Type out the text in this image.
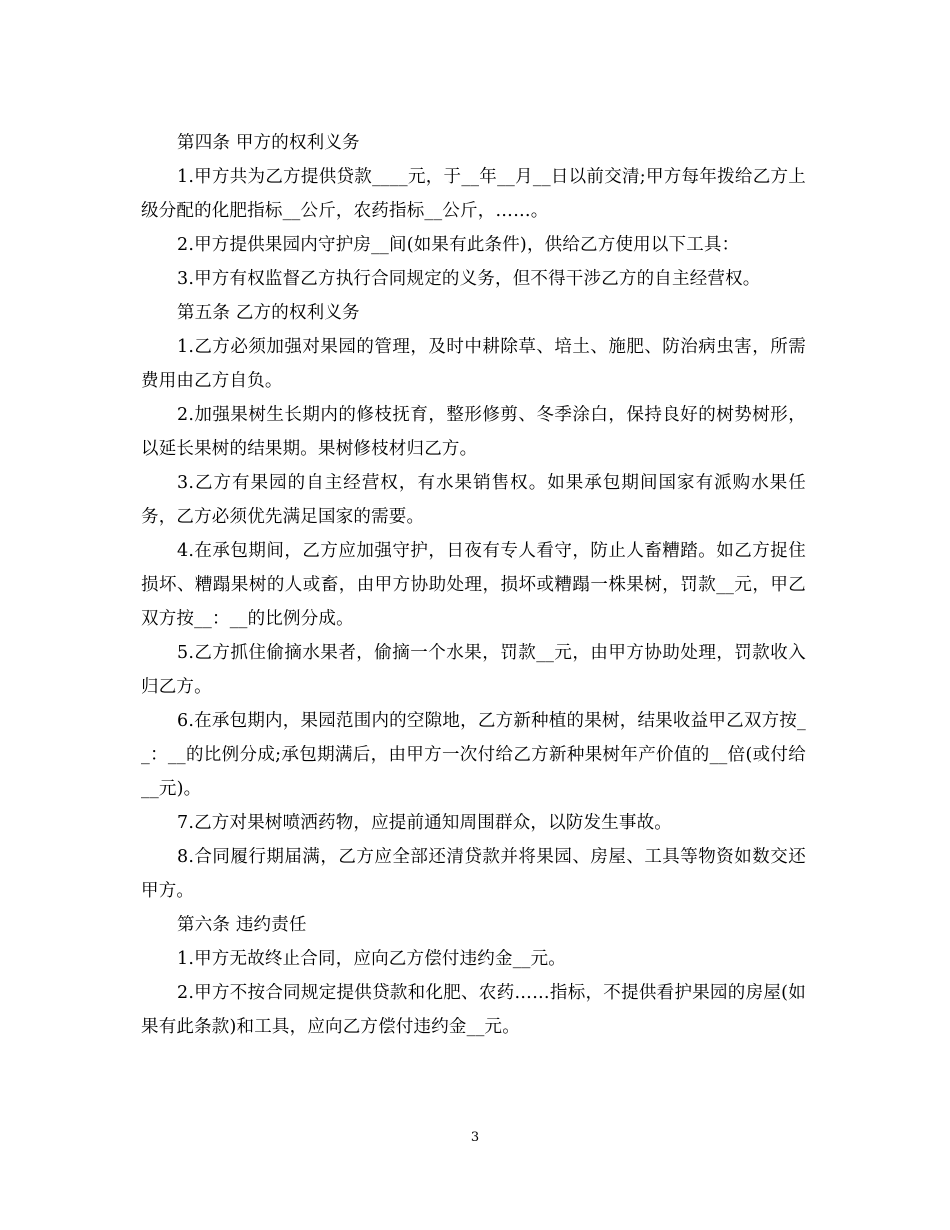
第四条 甲方的权利义务

1.甲方共为乙方提供贷款____元，于__年__月__日以前交清;甲方每年拨给乙方上级分配的化肥指标__公斤，农药指标__公斤，……。

2.甲方提供果园内守护房__间(如果有此条件)，供给乙方使用以下工具：

3.甲方有权监督乙方执行合同规定的义务，但不得干涉乙方的自主经营权。

第五条 乙方的权利义务

1.乙方必须加强对果园的管理，及时中耕除草、培土、施肥、防治病虫害，所需费用由乙方自负。

2.加强果树生长期内的修枝抚育，整形修剪、冬季涂白，保持良好的树势树形，以延长果树的结果期。果树修枝材归乙方。

3.乙方有果园的自主经营权，有水果销售权。如果承包期间国家有派购水果任务，乙方必须优先满足国家的需要。

4.在承包期间，乙方应加强守护，日夜有专人看守，防止人畜糟踏。如乙方捉住损坏、糟蹋果树的人或畜，由甲方协助处理，损坏或糟蹋一株果树，罚款__元，甲乙双方按__：__的比例分成。

5.乙方抓住偷摘水果者，偷摘一个水果，罚款__元，由甲方协助处理，罚款收入归乙方。

6.在承包期内，果园范围内的空隙地，乙方新种植的果树，结果收益甲乙双方按__：__的比例分成;承包期满后，由甲方一次付给乙方新种果树年产价值的__倍(或付给__元)。

7.乙方对果树喷洒药物，应提前通知周围群众，以防发生事故。

8.合同履行期届满，乙方应全部还清贷款并将果园、房屋、工具等物资如数交还甲方。

第六条 违约责任

1.甲方无故终止合同，应向乙方偿付违约金__元。

2.甲方不按合同规定提供贷款和化肥、农药……指标，不提供看护果园的房屋(如果有此条款)和工具，应向乙方偿付违约金__元。

3
